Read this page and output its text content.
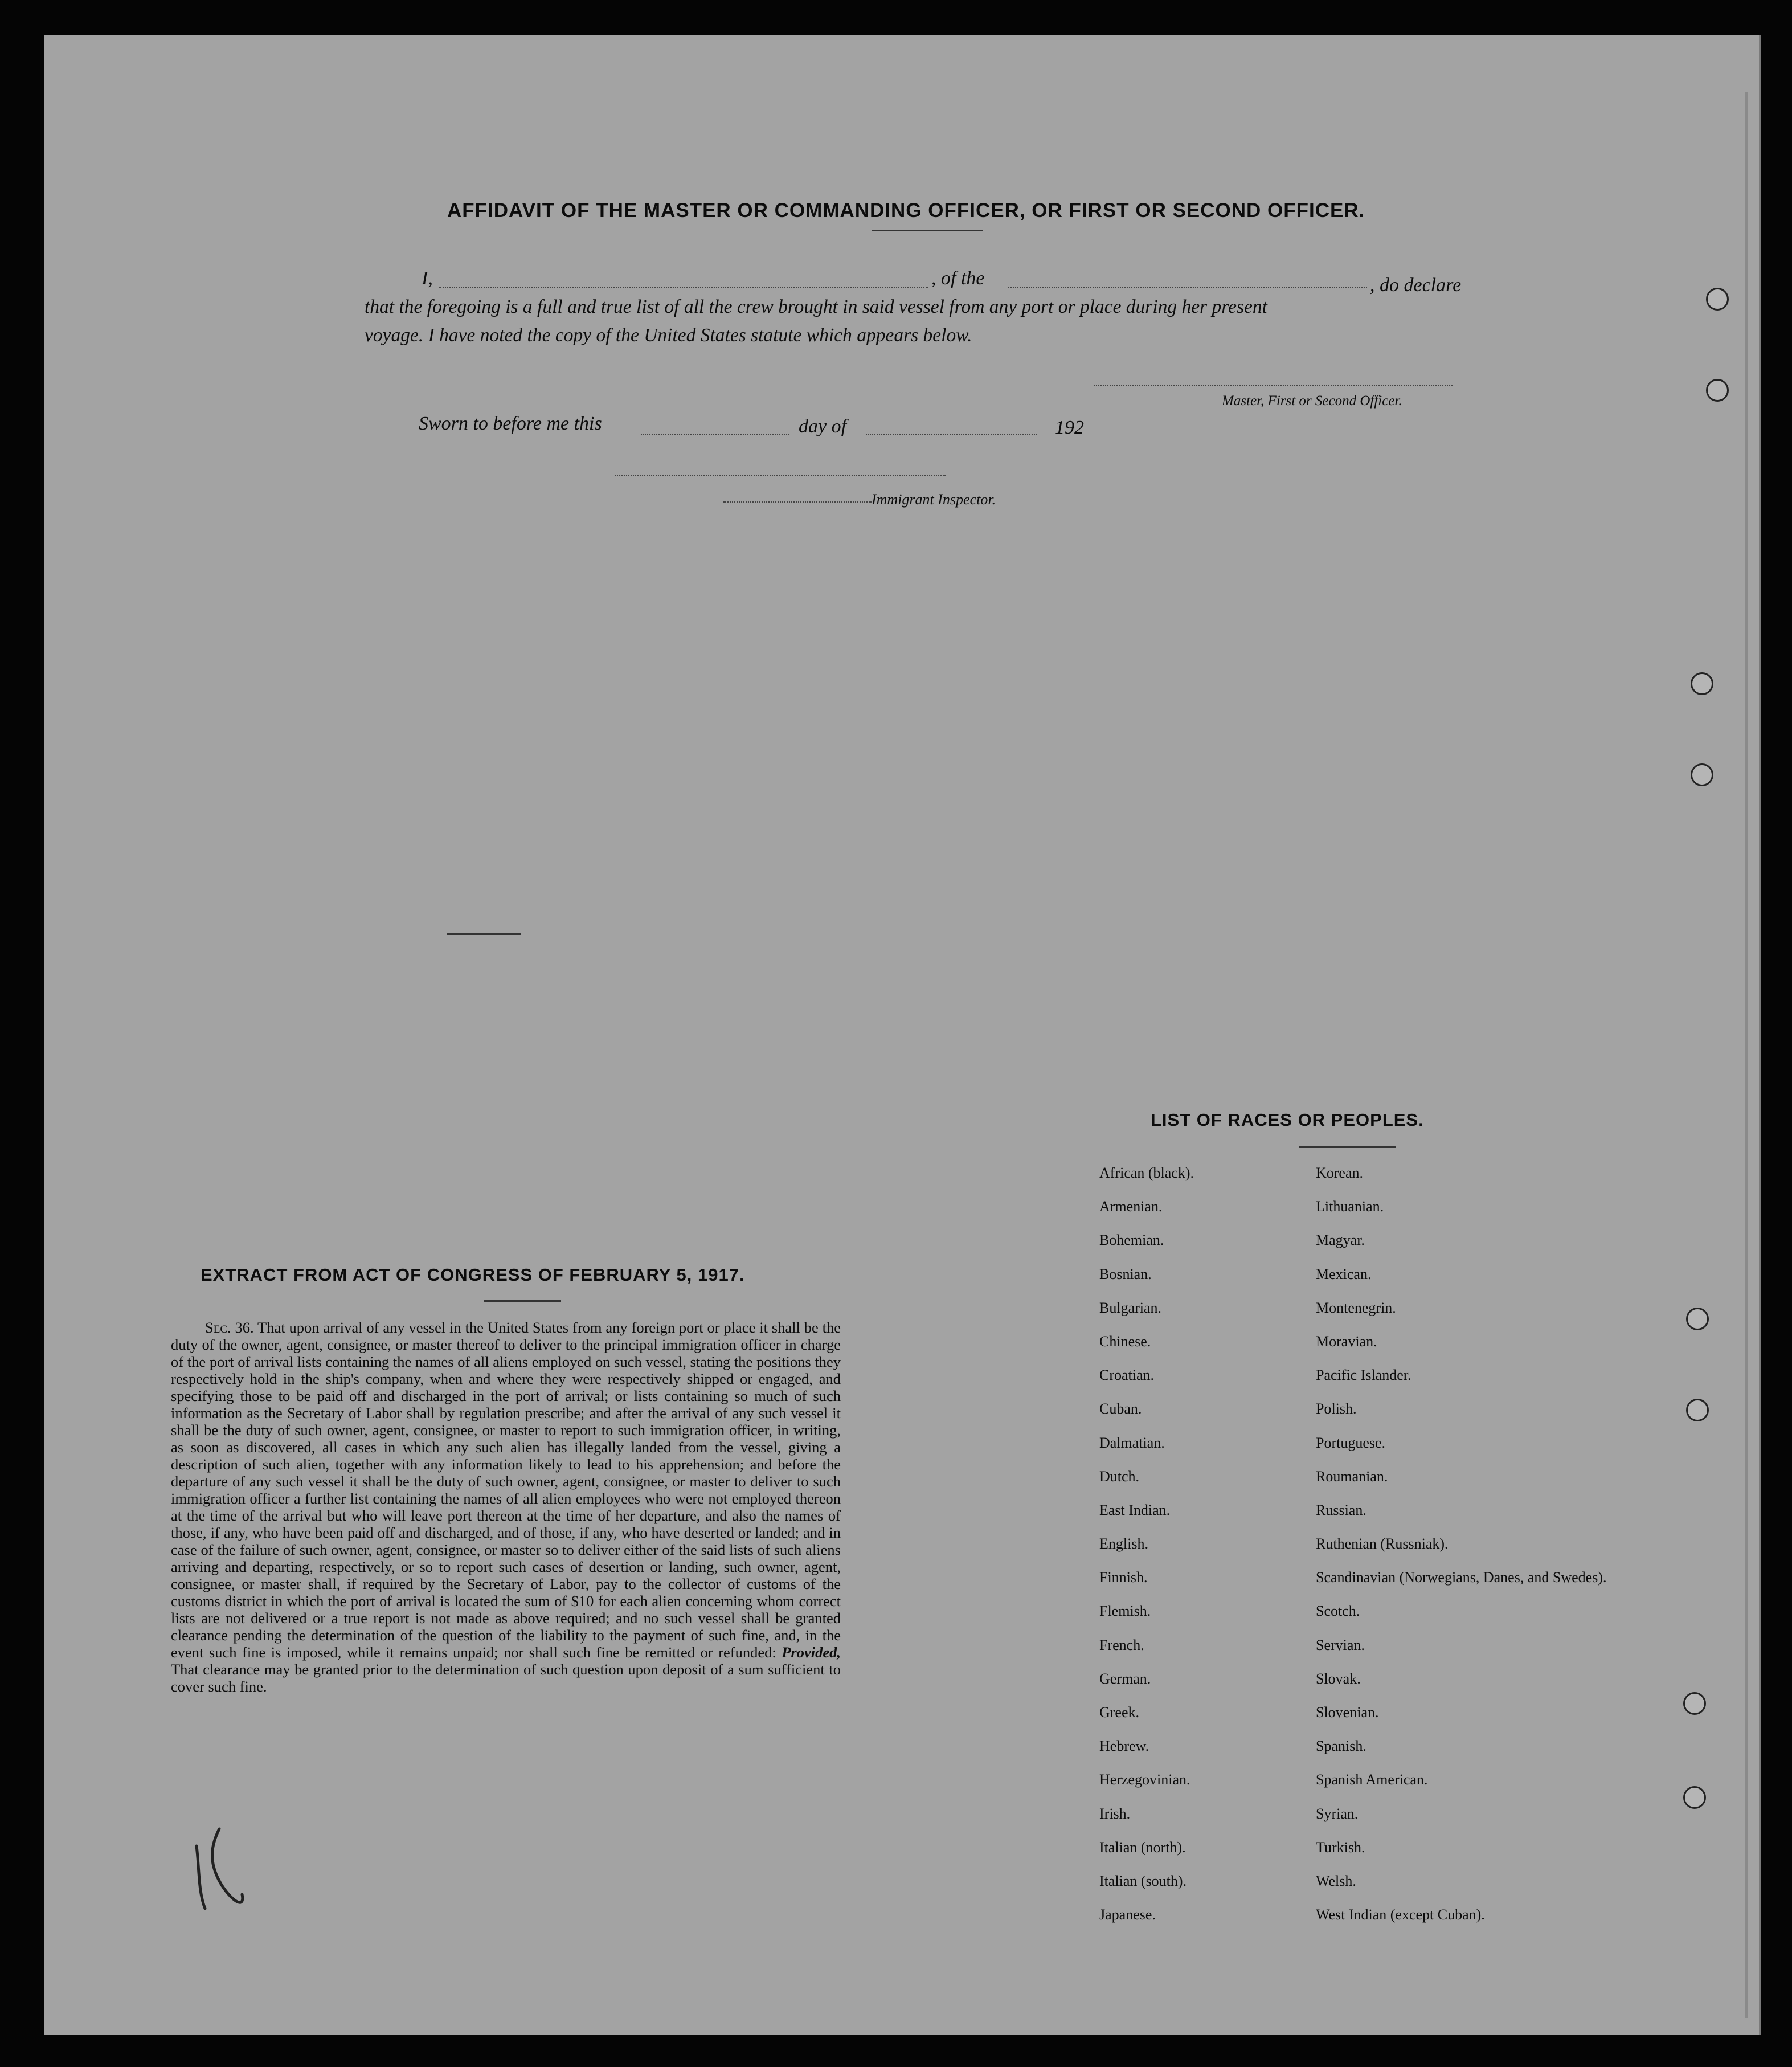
AFFIDAVIT OF THE MASTER OR COMMANDING OFFICER, OR FIRST OR SECOND OFFICER.
I,	, of the	, do declare
that the foregoing is a full and true list of all the crew brought in said vessel from any port or place during her present
voyage. I have noted the copy of the United States statute which appears below.
Master, First or Second Officer.
Sworn to before me this	day of	192
Immigrant Inspector.
EXTRACT FROM ACT OF CONGRESS OF FEBRUARY 5, 1917.
Sec. 36. That upon arrival of any vessel in the United States from any foreign port or place it shall be the duty of the owner, agent, consignee, or master thereof to deliver to the principal immigration officer in charge of the port of arrival lists containing the names of all aliens employed on such vessel, stating the positions they respectively hold in the ship's company, when and where they were respectively shipped or engaged, and specifying those to be paid off and discharged in the port of arrival; or lists containing so much of such information as the Secretary of Labor shall by regulation prescribe; and after the arrival of any such vessel it shall be the duty of such owner, agent, consignee, or master to report to such immigration officer, in writing, as soon as discovered, all cases in which any such alien has illegally landed from the vessel, giving a description of such alien, together with any information likely to lead to his apprehension; and before the departure of any such vessel it shall be the duty of such owner, agent, consignee, or master to deliver to such immigration officer a further list containing the names of all alien employees who were not employed thereon at the time of the arrival but who will leave port thereon at the time of her departure, and also the names of those, if any, who have been paid off and discharged, and of those, if any, who have deserted or landed; and in case of the failure of such owner, agent, consignee, or master so to deliver either of the said lists of such aliens arriving and departing, respectively, or so to report such cases of desertion or landing, such owner, agent, consignee, or master shall, if required by the Secretary of Labor, pay to the collector of customs of the customs district in which the port of arrival is located the sum of $10 for each alien concerning whom correct lists are not delivered or a true report is not made as above required; and no such vessel shall be granted clearance pending the determination of the question of the liability to the payment of such fine, and, in the event such fine is imposed, while it remains unpaid; nor shall such fine be remitted or refunded: Provided, That clearance may be granted prior to the determination of such question upon deposit of a sum sufficient to cover such fine.
LIST OF RACES OR PEOPLES.
African (black).	Korean.
Armenian.	Lithuanian.
Bohemian.	Magyar.
Bosnian.	Mexican.
Bulgarian.	Montenegrin.
Chinese.	Moravian.
Croatian.	Pacific Islander.
Cuban.	Polish.
Dalmatian.	Portuguese.
Dutch.	Roumanian.
East Indian.	Russian.
English.	Ruthenian (Russniak).
Finnish.	Scandinavian (Norwegians, Danes, and Swedes).
Flemish.	Scotch.
French.	Servian.
German.	Slovak.
Greek.	Slovenian.
Hebrew.	Spanish.
Herzegovinian.	Spanish American.
Irish.	Syrian.
Italian (north).	Turkish.
Italian (south).	Welsh.
Japanese.	West Indian (except Cuban).
